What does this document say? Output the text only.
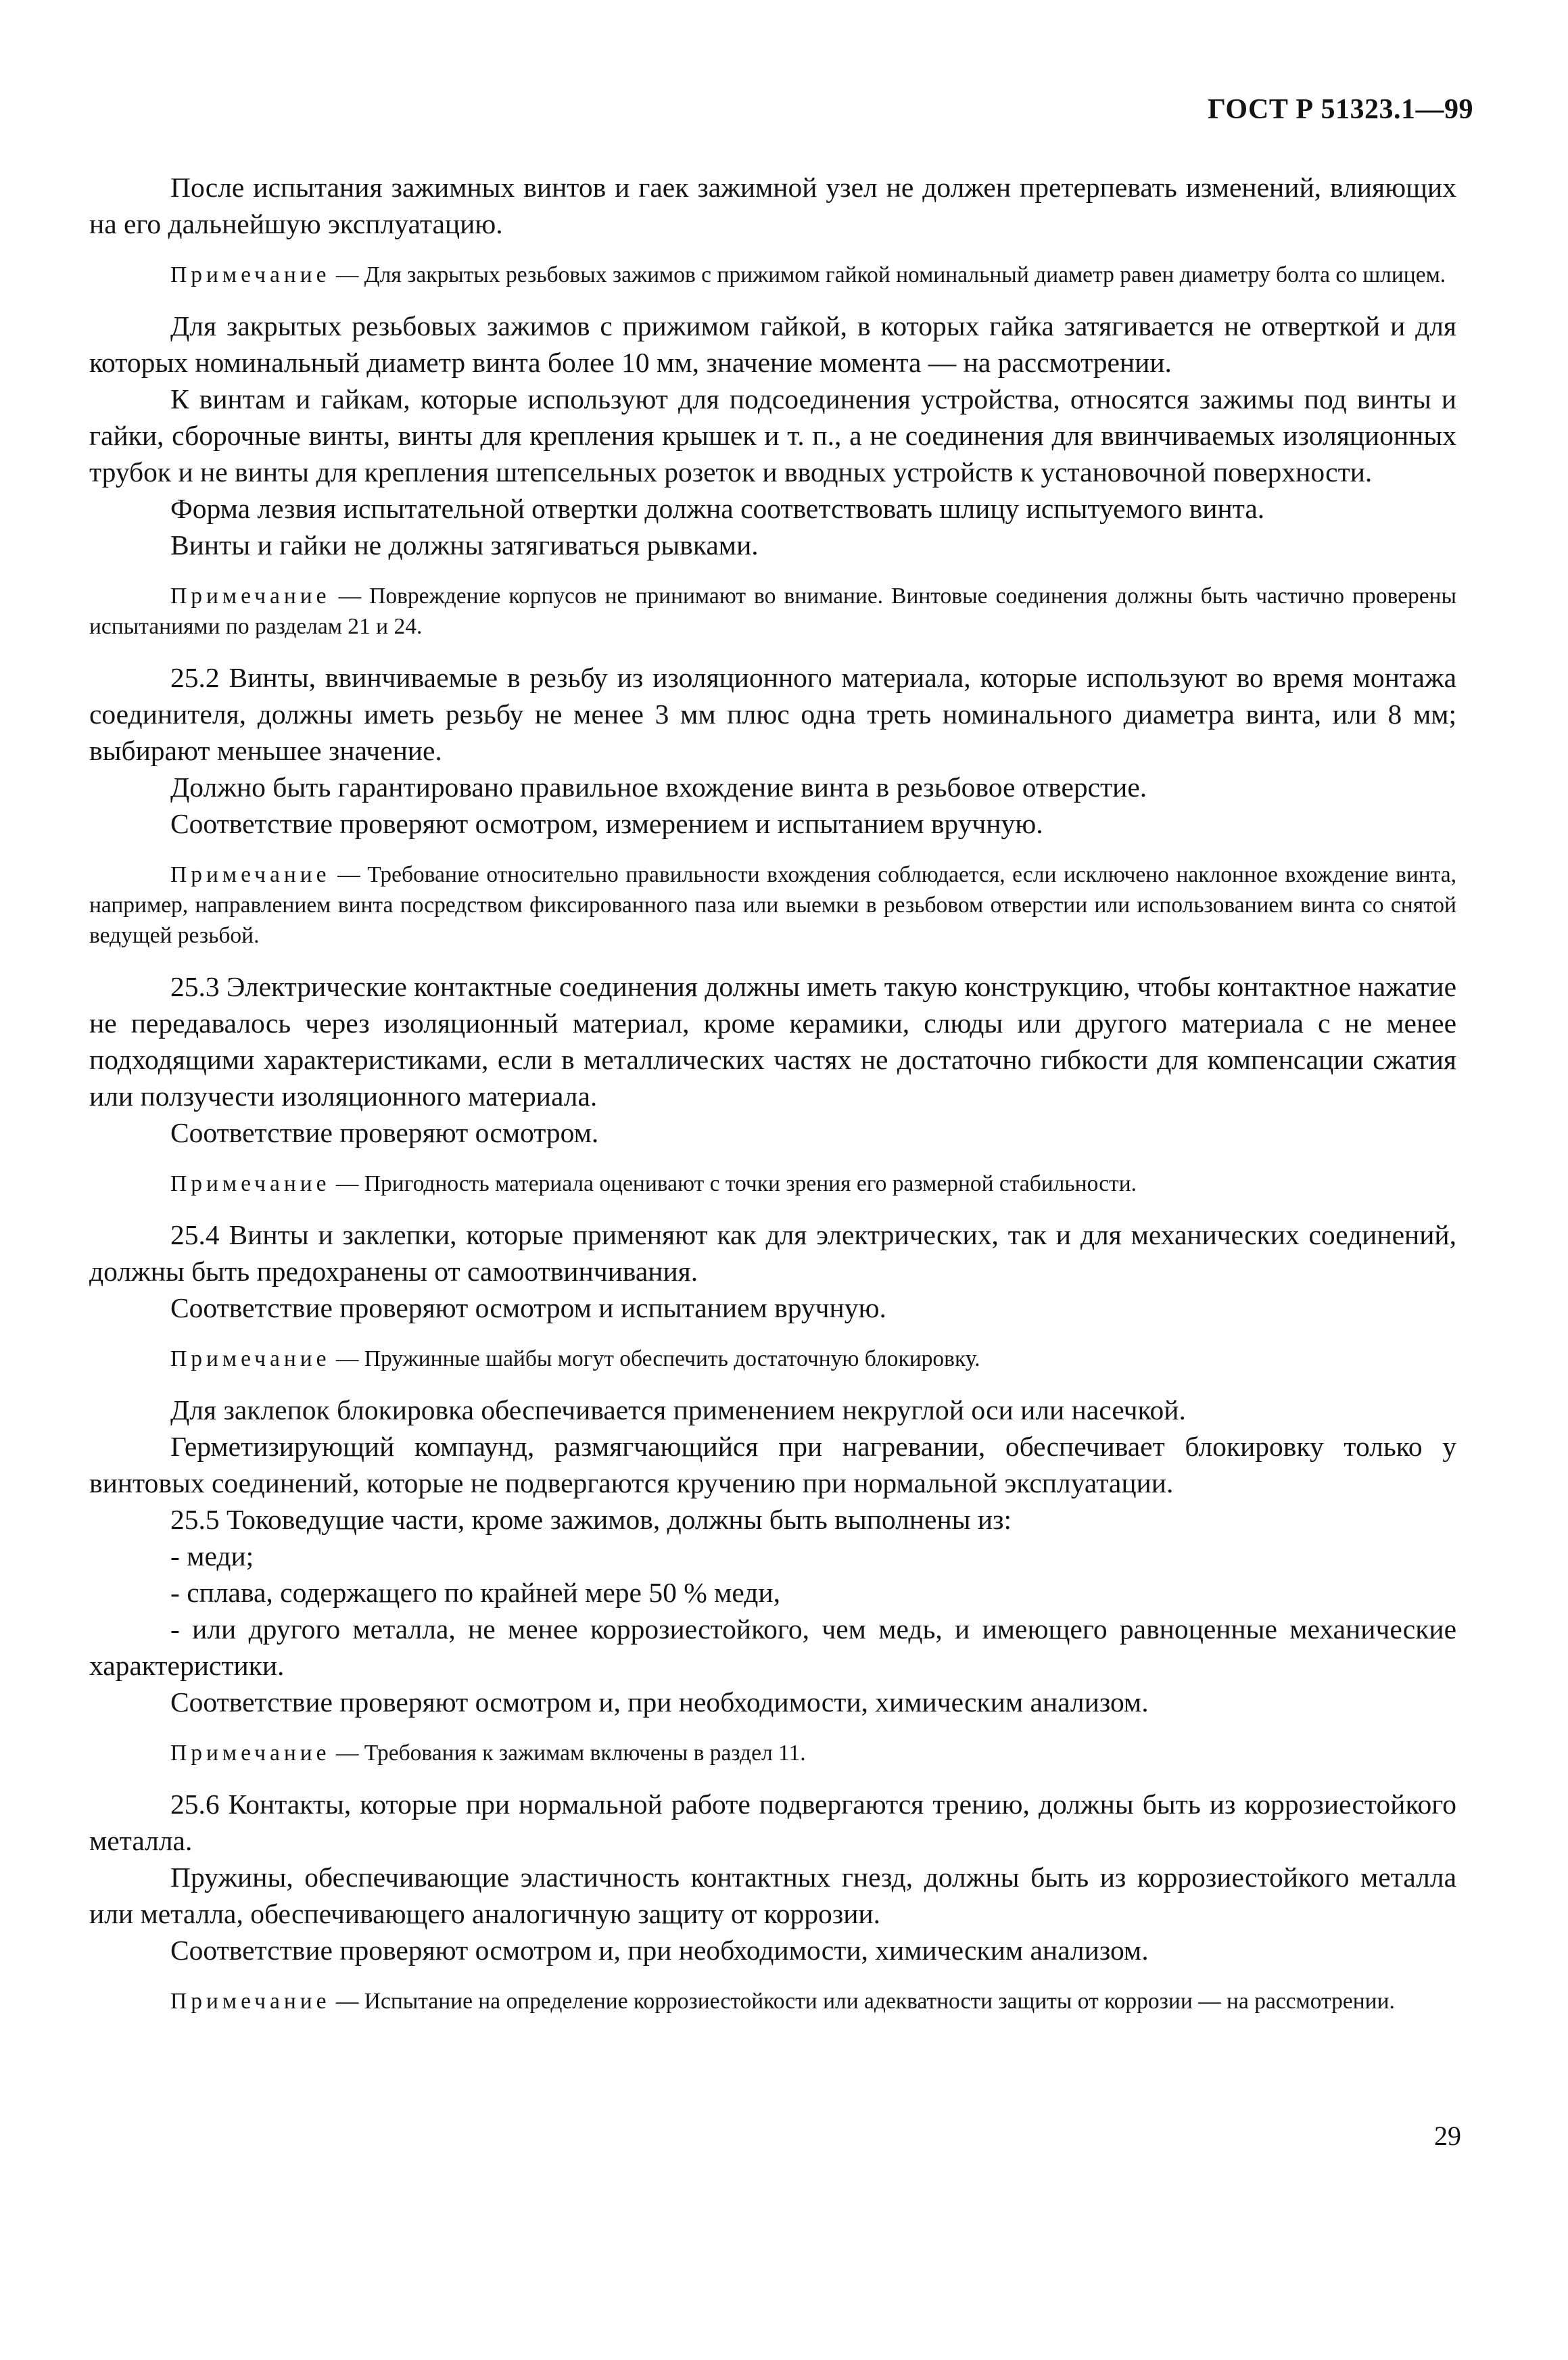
ГОСТ Р 51323.1—99

После испытания зажимных винтов и гаек зажимной узел не должен претерпевать изменений, влияющих на его дальнейшую эксплуатацию.

Примечание — Для закрытых резьбовых зажимов с прижимом гайкой номинальный диаметр равен диаметру болта со шлицем.

Для закрытых резьбовых зажимов с прижимом гайкой, в которых гайка затягивается не отверткой и для которых номинальный диаметр винта более 10 мм, значение момента — на рассмотрении.

К винтам и гайкам, которые используют для подсоединения устройства, относятся зажимы под винты и гайки, сборочные винты, винты для крепления крышек и т. п., а не соединения для ввинчиваемых изоляционных трубок и не винты для крепления штепсельных розеток и вводных устройств к установочной поверхности.

Форма лезвия испытательной отвертки должна соответствовать шлицу испытуемого винта.

Винты и гайки не должны затягиваться рывками.

Примечание — Повреждение корпусов не принимают во внимание. Винтовые соединения должны быть частично проверены испытаниями по разделам 21 и 24.

25.2 Винты, ввинчиваемые в резьбу из изоляционного материала, которые используют во время монтажа соединителя, должны иметь резьбу не менее 3 мм плюс одна треть номинального диаметра винта, или 8 мм; выбирают меньшее значение.

Должно быть гарантировано правильное вхождение винта в резьбовое отверстие.

Соответствие проверяют осмотром, измерением и испытанием вручную.

Примечание — Требование относительно правильности вхождения соблюдается, если исключено наклонное вхождение винта, например, направлением винта посредством фиксированного паза или выемки в резьбовом отверстии или использованием винта со снятой ведущей резьбой.

25.3 Электрические контактные соединения должны иметь такую конструкцию, чтобы контактное нажатие не передавалось через изоляционный материал, кроме керамики, слюды или другого материала с не менее подходящими характеристиками, если в металлических частях не достаточно гибкости для компенсации сжатия или ползучести изоляционного материала.

Соответствие проверяют осмотром.

Примечание — Пригодность материала оценивают с точки зрения его размерной стабильности.

25.4 Винты и заклепки, которые применяют как для электрических, так и для механических соединений, должны быть предохранены от самоотвинчивания.

Соответствие проверяют осмотром и испытанием вручную.

Примечание — Пружинные шайбы могут обеспечить достаточную блокировку.

Для заклепок блокировка обеспечивается применением некруглой оси или насечкой.

Герметизирующий компаунд, размягчающийся при нагревании, обеспечивает блокировку только у винтовых соединений, которые не подвергаются кручению при нормальной эксплуатации.

25.5 Токоведущие части, кроме зажимов, должны быть выполнены из:

- меди;

- сплава, содержащего по крайней мере 50 % меди,

- или другого металла, не менее коррозиестойкого, чем медь, и имеющего равноценные механические характеристики.

Соответствие проверяют осмотром и, при необходимости, химическим анализом.

Примечание — Требования к зажимам включены в раздел 11.

25.6 Контакты, которые при нормальной работе подвергаются трению, должны быть из коррозиестойкого металла.

Пружины, обеспечивающие эластичность контактных гнезд, должны быть из коррозиестойкого металла или металла, обеспечивающего аналогичную защиту от коррозии.

Соответствие проверяют осмотром и, при необходимости, химическим анализом.

Примечание — Испытание на определение коррозиестойкости или адекватности защиты от коррозии — на рассмотрении.

29
